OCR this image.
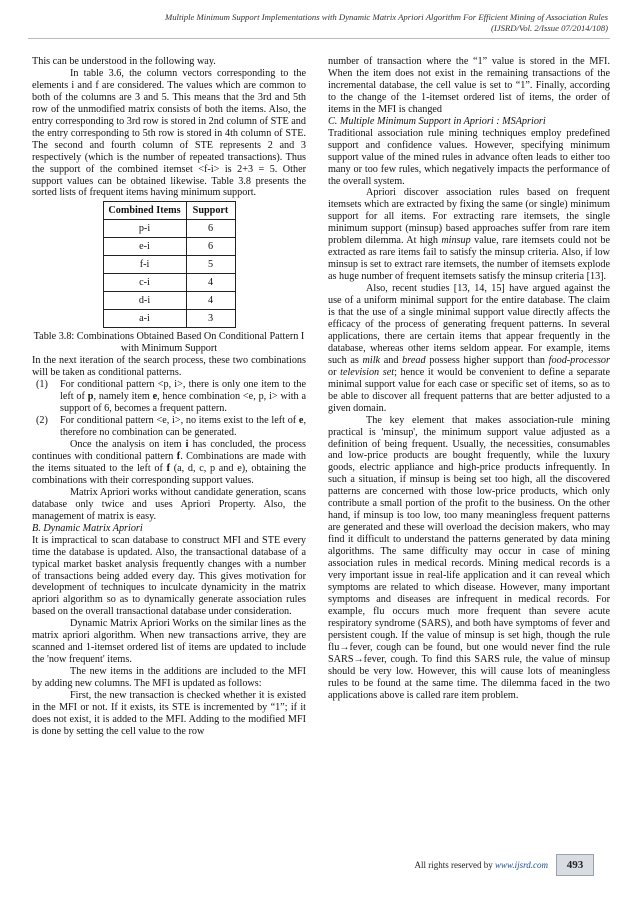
Multiple Minimum Support Implementations with Dynamic Matrix Apriori Algorithm For Efficient Mining of Association Rules
(IJSRD/Vol. 2/Issue 07/2014/108)

This can be understood in the following way.

In table 3.6, the column vectors corresponding to the elements i and f are considered. The values which are common to both of the columns are 3 and 5. This means that the 3rd and 5th row of the unmodified matrix consists of both the items. Also, the entry corresponding to 3rd row is stored in 2nd column of STE and the entry corresponding to 5th row is stored in 4th column of STE. The second and fourth column of STE represents 2 and 3 respectively (which is the number of repeated transactions). Thus the support of the combined itemset <f-i> is 2+3 = 5. Other support values can be obtained likewise. Table 3.8 presents the sorted lists of frequent items having minimum support.

Combined Items	Support
p-i	6
e-i	6
f-i	5
c-i	4
d-i	4
a-i	3

Table 3.8: Combinations Obtained Based On Conditional Pattern I with Minimum Support

In the next iteration of the search process, these two combinations will be taken as conditional patterns.

(1)	For conditional pattern <p, i>, there is only one item to the left of p, namely item e, hence combination <e, p, i> with a support of 6, becomes a frequent pattern.
(2)	For conditional pattern <e, i>, no items exist to the left of e, therefore no combination can be generated.

Once the analysis on item i has concluded, the process continues with conditional pattern f. Combinations are made with the items situated to the left of f (a, d, c, p and e), obtaining the combinations with their corresponding support values.

Matrix Apriori works without candidate generation, scans database only twice and uses Apriori Property. Also, the management of matrix is easy.

B. Dynamic Matrix Apriori

It is impractical to scan database to construct MFI and STE every time the database is updated. Also, the transactional database of a typical market basket analysis frequently changes with a number of transactions being added every day. This gives motivation for development of techniques to inculcate dynamicity in the matrix apriori algorithm so as to dynamically generate association rules based on the overall transactional database under consideration.

Dynamic Matrix Apriori Works on the similar lines as the matrix apriori algorithm. When new transactions arrive, they are scanned and 1-itemset ordered list of items are updated to include the 'now frequent' items.

The new items in the additions are included to the MFI by adding new columns. The MFI is updated as follows:

First, the new transaction is checked whether it is existed in the MFI or not. If it exists, its STE is incremented by “1”; if it does not exist, it is added to the MFI. Adding to the modified MFI is done by setting the cell value to the row

number of transaction where the “1” value is stored in the MFI. When the item does not exist in the remaining transactions of the incremental database, the cell value is set to “1”. Finally, according to the change of the 1-itemset ordered list of items, the order of items in the MFI is changed

C. Multiple Minimum Support in Apriori : MSApriori

Traditional association rule mining techniques employ predefined support and confidence values. However, specifying minimum support value of the mined rules in advance often leads to either too many or too few rules, which negatively impacts the performance of the overall system.

Apriori discover association rules based on frequent itemsets which are extracted by fixing the same (or single) minimum support for all items. For extracting rare itemsets, the single minimum support (minsup) based approaches suffer from rare item problem dilemma. At high minsup value, rare itemsets could not be extracted as rare items fail to satisfy the minsup criteria. Also, if low minsup is set to extract rare itemsets, the number of itemsets explode as huge number of frequent itemsets satisfy the minsup criteria [13].

Also, recent studies [13, 14, 15] have argued against the use of a uniform minimal support for the entire database. The claim is that the use of a single minimal support value directly affects the efficacy of the process of generating frequent patterns. In several applications, there are certain items that appear frequently in the database, whereas other items seldom appear. For example, items such as milk and bread possess higher support than food-processor or television set; hence it would be convenient to define a separate minimal support value for each case or specific set of items, so as to be able to discover all frequent patterns that are better adjusted to a given domain.

The key element that makes association-rule mining practical is 'minsup', the minimum support value adjusted as a definition of being frequent. Usually, the necessities, consumables and low-price products are bought frequently, while the luxury goods, electric appliance and high-price products infrequently. In such a situation, if minsup is being set too high, all the discovered patterns are concerned with those low-price products, which only contribute a small portion of the profit to the business. On the other hand, if minsup is too low, too many meaningless frequent patterns are generated and these will overload the decision makers, who may find it difficult to understand the patterns generated by data mining algorithms. The same difficulty may occur in case of mining association rules in medical records. Mining medical records is a very important issue in real-life application and it can reveal which symptoms are related to which disease. However, many important symptoms and diseases are infrequent in medical records. For example, flu occurs much more frequent than severe acute respiratory syndrome (SARS), and both have symptoms of fever and persistent cough. If the value of minsup is set high, though the rule flu→fever, cough can be found, but one would never find the rule SARS→fever, cough. To find this SARS rule, the value of minsup should be very low. However, this will cause lots of meaningless rules to be found at the same time. The dilemma faced in the two applications above is called rare item problem.

All rights reserved by www.ijsrd.com	493
